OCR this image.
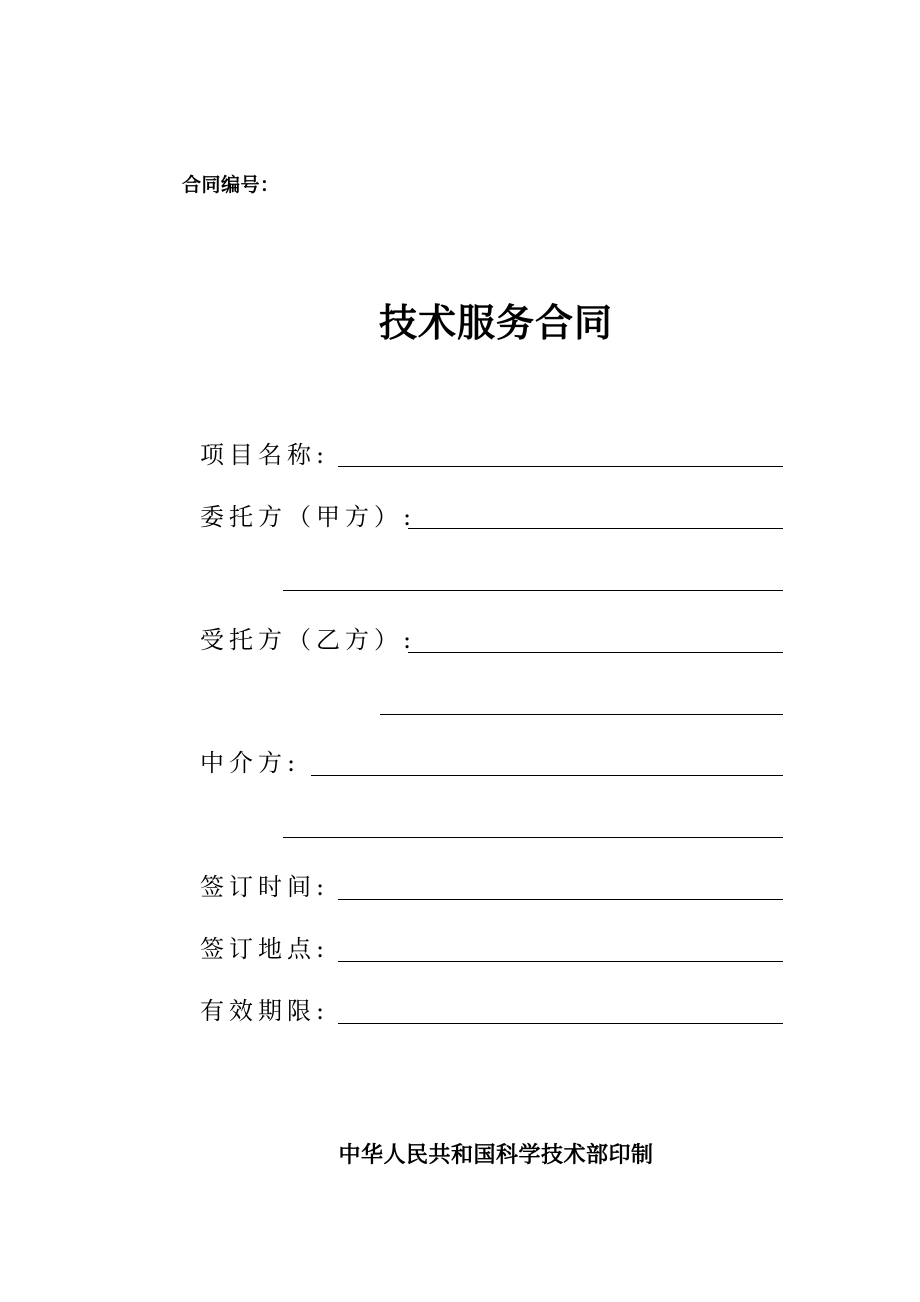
合同编号：
技术服务合同
项目名称:
委托方（甲方）:
受托方（乙方）:
中介方:
签订时间:
签订地点:
有效期限:
中华人民共和国科学技术部印制
